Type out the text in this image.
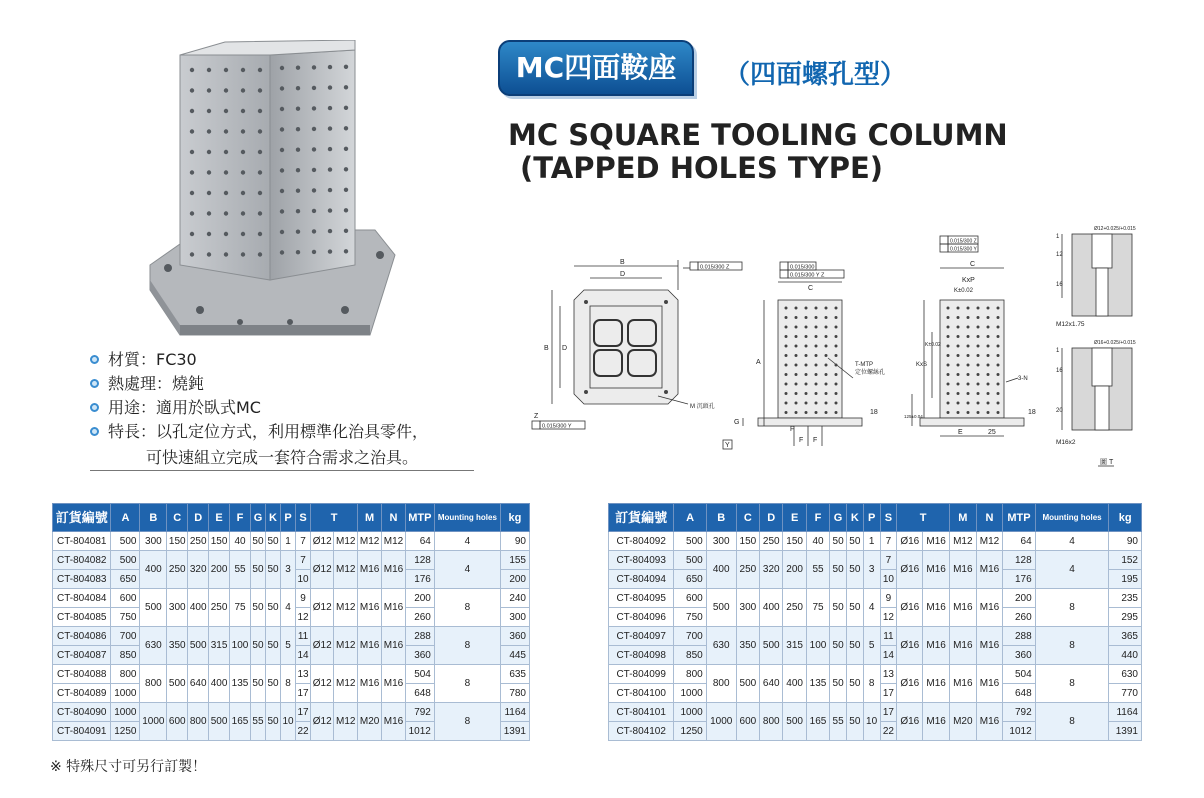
MC四面鞍座	（四面螺孔型）
MC SQUARE TOOLING COLUMN
(TAPPED HOLES TYPE)
材質：FC30
熱處理：燒鈍
用途：適用於臥式MC
特長：以孔定位方式，利用標準化治具零件，
可快速組立完成一套符合需求之治具。
B
D
B D
0.015/300 Z
Z
0.015/300 Y
M 沉頭孔
C
A
G
F F
F
18
Y
0.015/300
0.015/300 Y Z
T-MTP
定位螺絲孔
C
KxP
K±0.02
KxS
K±0.02
125±0.04
E	25
18
3-N
0.015/300 Z
0.015/300 Y
1
12
16
Ø12+0.025/+0.015
M12x1.75
1
16
20
Ø16+0.025/+0.015
M16x2
圖 T
訂貨編號	A	B	C	D	E	F	G	K	P	S	T		M	N	MTP	Mounting holes	kg
CT-804081	500	300	150	250	150	40	50	50	1	7	Ø12	M12	M12	M12	64	4	90
CT-804082	500	400	250	320	200	55	50	50	3	7	Ø12	M12	M16	M16	128	4	155
CT-804083	650									10					176		200
CT-804084	600	500	300	400	250	75	50	50	4	9	Ø12	M12	M16	M16	200	8	240
CT-804085	750									12					260		300
CT-804086	700	630	350	500	315	100	50	50	5	11	Ø12	M12	M16	M16	288	8	360
CT-804087	850									14					360		445
CT-804088	800	800	500	640	400	135	50	50	8	13	Ø12	M12	M16	M16	504	8	635
CT-804089	1000									17					648		780
CT-804090	1000	1000	600	800	500	165	55	50	10	17	Ø12	M12	M20	M16	792	8	1164
CT-804091	1250									22					1012		1391
訂貨編號	A	B	C	D	E	F	G	K	P	S	T		M	N	MTP	Mounting holes	kg
CT-804092	500	300	150	250	150	40	50	50	1	7	Ø16	M16	M12	M12	64	4	90
CT-804093	500	400	250	320	200	55	50	50	3	7	Ø16	M16	M16	M16	128	4	152
CT-804094	650									10					176		195
CT-804095	600	500	300	400	250	75	50	50	4	9	Ø16	M16	M16	M16	200	8	235
CT-804096	750									12					260		295
CT-804097	700	630	350	500	315	100	50	50	5	11	Ø16	M16	M16	M16	288	8	365
CT-804098	850									14					360		440
CT-804099	800	800	500	640	400	135	50	50	8	13	Ø16	M16	M16	M16	504	8	630
CT-804100	1000									17					648		770
CT-804101	1000	1000	600	800	500	165	55	50	10	17	Ø16	M16	M20	M16	792	8	1164
CT-804102	1250									22					1012		1391
※ 特殊尺寸可另行訂製！
